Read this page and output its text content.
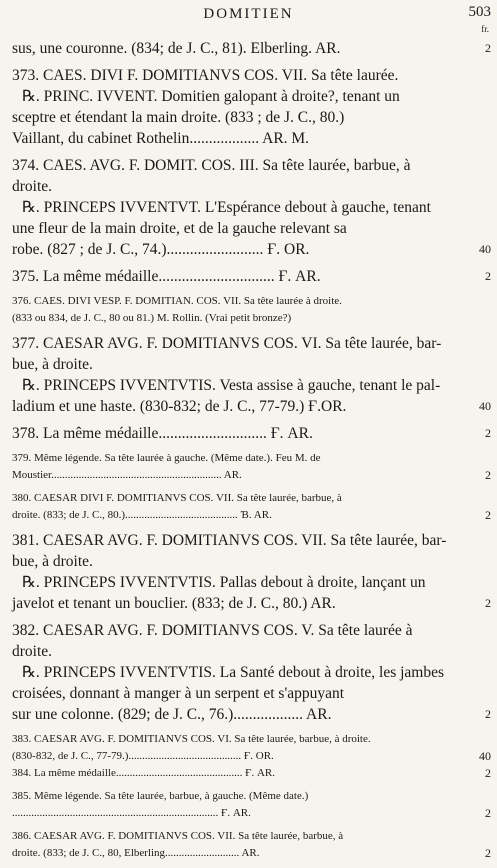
DOMITIEN	503
fr.
sus, une couronne. (834; de J. C., 81). Elberling. AR.	2
373. CAES. DIVI F. DOMITIANVS COS. VII. Sa tête laurée.
℞. PRINC. IVVENT. Domitien galopant à droite?, tenant un
sceptre et étendant la main droite. (833 ; de J. C., 80.)
Vaillant, du cabinet Rothelin.................. AR. M.
374. CAES. AVG. F. DOMIT. COS. III. Sa tête laurée, barbue, à
droite.
℞. PRINCEPS IVVENTVT. L'Espérance debout à gauche, tenant
une fleur de la main droite, et de la gauche relevant sa
robe. (827 ; de J. C., 74.)......................... Ғ. OR.	40
375. La même médaille.............................. Ғ. AR.	2
376. CAES. DIVI VESP. F. DOMITIAN. COS. VII. Sa tête laurée à droite.
(833 ou 834, de J. C., 80 ou 81.) M. Rollin. (Vrai petit bronze?)
377. CAESAR AVG. F. DOMITIANVS COS. VI. Sa tête laurée, bar-
bue, à droite.
℞. PRINCEPS IVVENTVTIS. Vesta assise à gauche, tenant le pal-
ladium et une haste. (830-832; de J. C., 77-79.) Ғ.OR.	40
378. La même médaille............................ Ғ. AR.	2
379. Même légende. Sa tête laurée à gauche. (Même date.). Feu M. de
Moustier.............................................................. AR.	2
380. CAESAR DIVI F. DOMITIANVS COS. VII. Sa tête laurée, barbue, à
droite. (833; de J. C., 80.)......................................... Ɓ. AR.	2
381. CAESAR AVG. F. DOMITIANVS COS. VII. Sa tête laurée, bar-
bue, à droite.
℞. PRINCEPS IVVENTVTIS. Pallas debout à droite, lançant un
javelot et tenant un bouclier. (833; de J. C., 80.) AR.	2
382. CAESAR AVG. F. DOMITIANVS COS. V. Sa tête laurée à
droite.
℞. PRINCEPS IVVENTVTIS. La Santé debout à droite, les jambes
croisées, donnant à manger à un serpent et s'appuyant
sur une colonne. (829; de J. C., 76.).................. AR.	2
383. CAESAR AVG. F. DOMITIANVS COS. VI. Sa tête laurée, barbue, à droite.
(830-832, de J. C., 77-79.)......................................... Ғ. OR.	40
384. La même médaille.............................................. Ғ. AR.	2
385. Même légende. Sa tête laurée, barbue, à gauche. (Même date.)
........................................................................... Ғ. AR.	2
386. CAESAR AVG. F. DOMITIANVS COS. VII. Sa tête laurée, barbue, à
droite. (833; de J. C., 80, Elberling........................... AR.	2
